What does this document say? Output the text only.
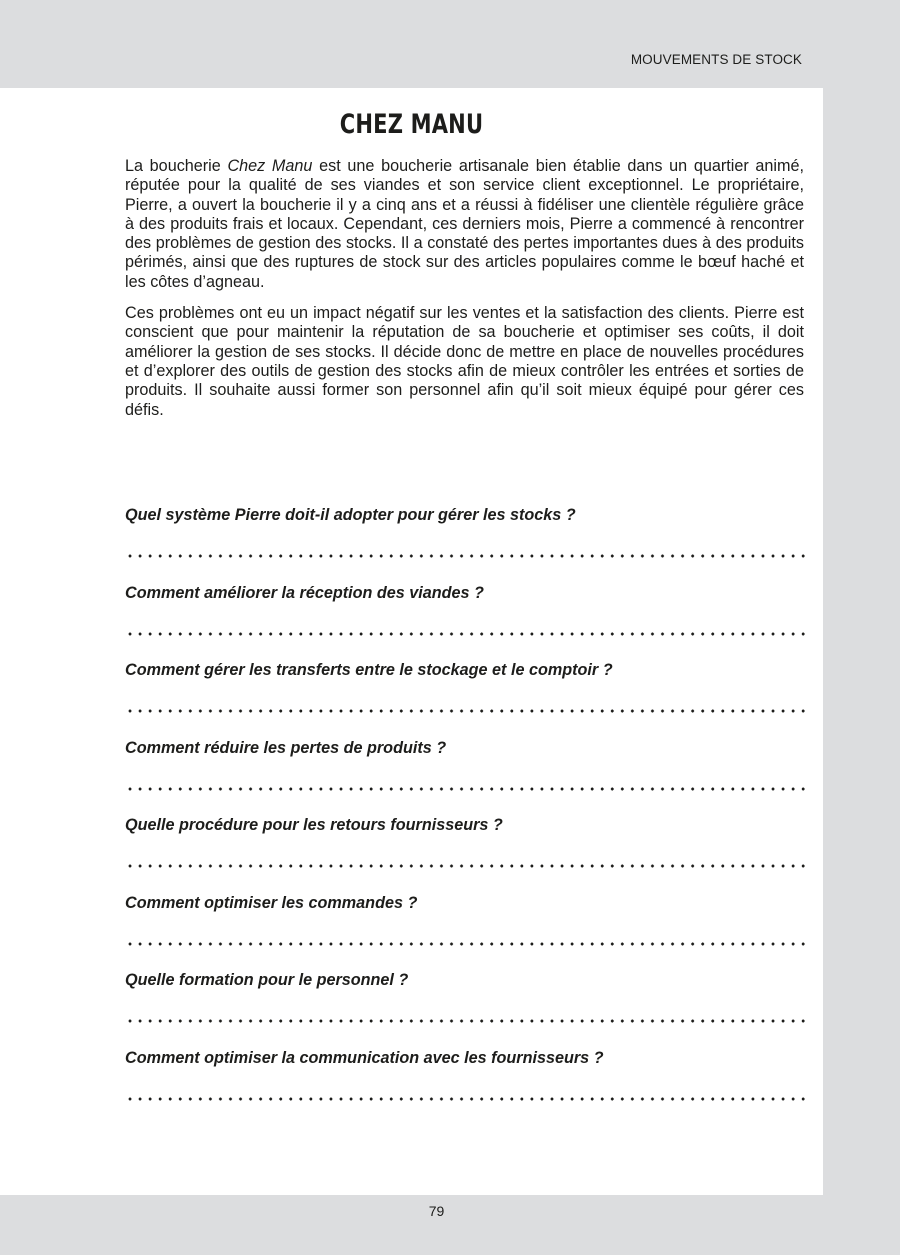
MOUVEMENTS DE STOCK
CHEZ MANU

La boucherie Chez Manu est une boucherie artisanale bien établie dans un quartier animé, réputée pour la qualité de ses viandes et son service client exceptionnel. Le propriétaire, Pierre, a ouvert la boucherie il y a cinq ans et a réussi à fidéliser une clientèle régulière grâce à des produits frais et locaux. Cependant, ces derniers mois, Pierre a commencé à rencontrer des problèmes de gestion des stocks. Il a constaté des pertes importantes dues à des produits périmés, ainsi que des ruptures de stock sur des articles populaires comme le bœuf haché et les côtes d’agneau.

Ces problèmes ont eu un impact négatif sur les ventes et la satisfaction des clients. Pierre est conscient que pour maintenir la réputation de sa boucherie et optimiser ses coûts, il doit améliorer la gestion de ses stocks. Il décide donc de mettre en place de nouvelles procédures et d’explorer des outils de gestion des stocks afin de mieux contrôler les entrées et sorties de produits. Il souhaite aussi former son personnel afin qu’il soit mieux équipé pour gérer ces défis.

Quel système Pierre doit-il adopter pour gérer les stocks ?

Comment améliorer la réception des viandes ?

Comment gérer les transferts entre le stockage et le comptoir ?

Comment réduire les pertes de produits ?

Quelle procédure pour les retours fournisseurs ?

Comment optimiser les commandes ?

Quelle formation pour le personnel ?

Comment optimiser la communication avec les fournisseurs ?

79
